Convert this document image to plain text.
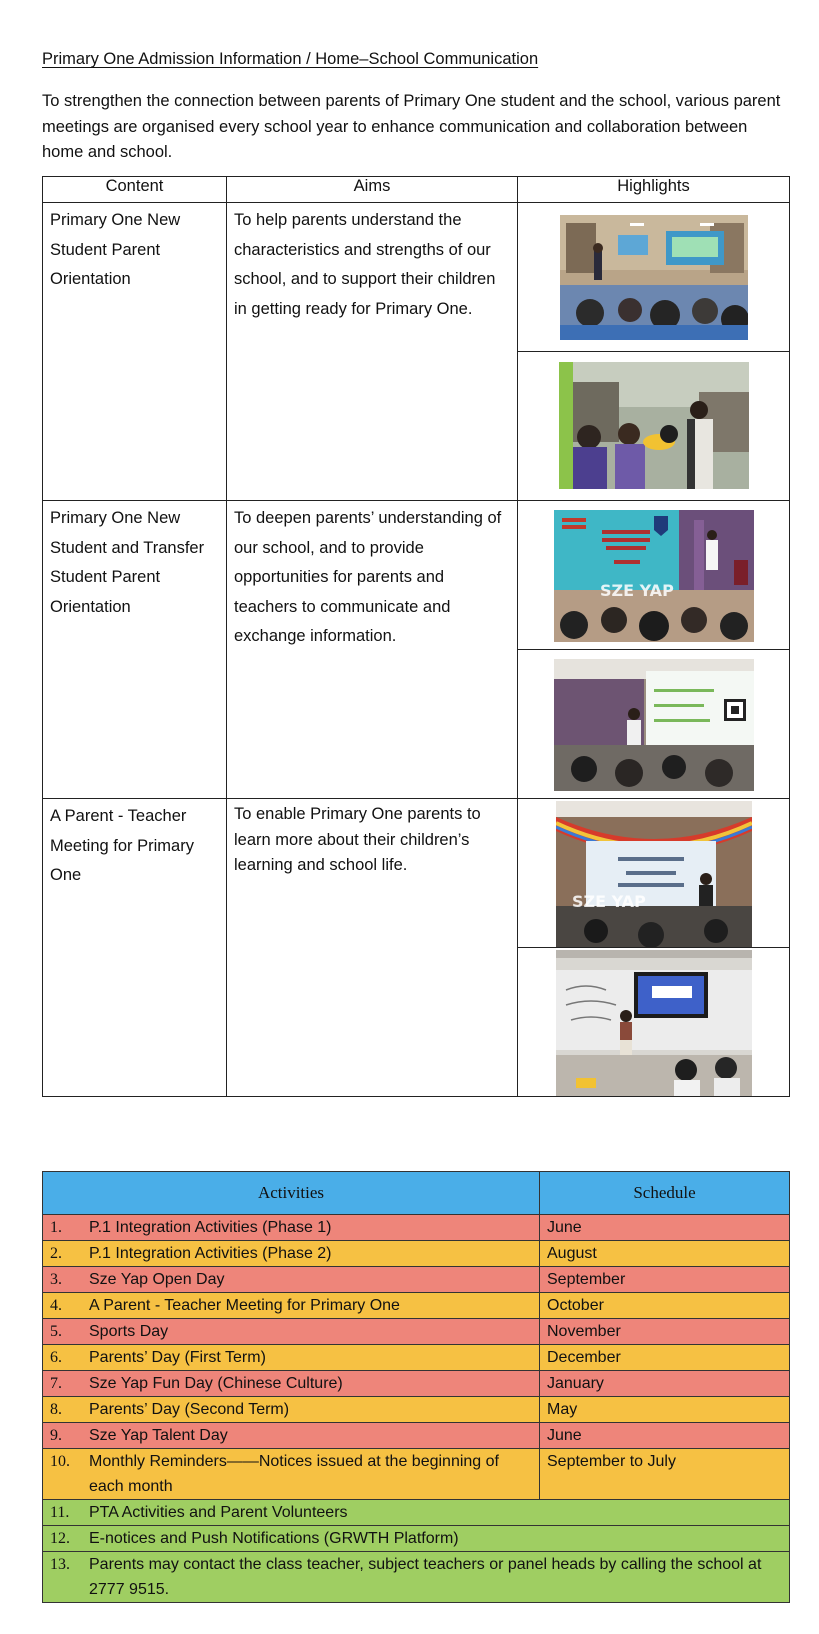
Primary One Admission Information / Home–School Communication
To strengthen the connection between parents of Primary One student and the school, various parent meetings are organised every school year to enhance communication and collaboration between home and school.
Content	Aims	Highlights
Primary One New Student Parent Orientation	To help parents understand the characteristics and strengths of our school, and to support their children in getting ready for Primary One.	

Primary One New Student and Transfer Student Parent Orientation	To deepen parents’ understanding of our school, and to provide opportunities for parents and teachers to communicate and exchange information.	SZE YAP

A Parent - Teacher Meeting for Primary One	To enable Primary One parents to learn more about their children’s learning and school life.	SZE YAP

Activities	Schedule
1. P.1 Integration Activities (Phase 1)	June
2. P.1 Integration Activities (Phase 2)	August
3. Sze Yap Open Day	September
4. A Parent - Teacher Meeting for Primary One	October
5. Sports Day	November
6. Parents’ Day (First Term)	December
7. Sze Yap Fun Day (Chinese Culture)	January
8. Parents’ Day (Second Term)	May
9. Sze Yap Talent Day	June

10. Monthly Reminders——Notices issued at the beginning of each month	September to July
11. PTA Activities and Parent Volunteers	
12. E-notices and Push Notifications (GRWTH Platform)	

13. Parents may contact the class teacher, subject teachers or panel heads by calling the school at 2777 9515.	
